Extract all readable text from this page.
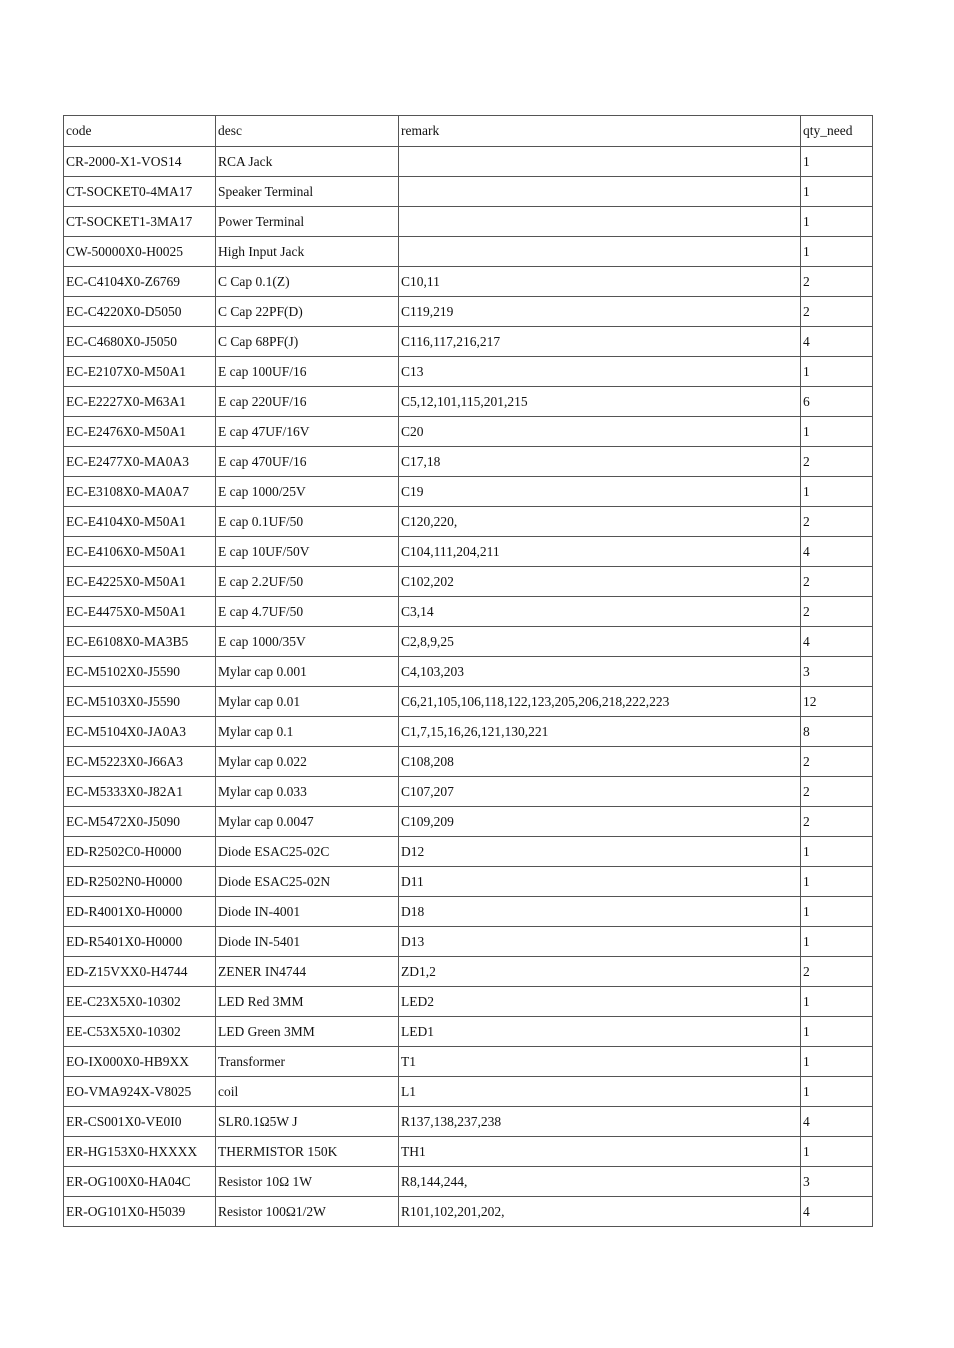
code	desc	remark	qty_need
CR-2000-X1-VOS14	RCA Jack		1
CT-SOCKET0-4MA17	Speaker Terminal		1
CT-SOCKET1-3MA17	Power Terminal		1
CW-50000X0-H0025	High Input Jack		1
EC-C4104X0-Z6769	C Cap 0.1(Z)	C10,11	2
EC-C4220X0-D5050	C Cap 22PF(D)	C119,219	2
EC-C4680X0-J5050	C Cap 68PF(J)	C116,117,216,217	4
EC-E2107X0-M50A1	E cap 100UF/16	C13	1
EC-E2227X0-M63A1	E cap 220UF/16	C5,12,101,115,201,215	6
EC-E2476X0-M50A1	E cap 47UF/16V	C20	1
EC-E2477X0-MA0A3	E cap 470UF/16	C17,18	2
EC-E3108X0-MA0A7	E cap 1000/25V	C19	1
EC-E4104X0-M50A1	E cap 0.1UF/50	C120,220,	2
EC-E4106X0-M50A1	E cap 10UF/50V	C104,111,204,211	4
EC-E4225X0-M50A1	E cap 2.2UF/50	C102,202	2
EC-E4475X0-M50A1	E cap 4.7UF/50	C3,14	2
EC-E6108X0-MA3B5	E cap 1000/35V	C2,8,9,25	4
EC-M5102X0-J5590	Mylar cap 0.001	C4,103,203	3
EC-M5103X0-J5590	Mylar cap 0.01	C6,21,105,106,118,122,123,205,206,218,222,223	12
EC-M5104X0-JA0A3	Mylar cap 0.1	C1,7,15,16,26,121,130,221	8
EC-M5223X0-J66A3	Mylar cap 0.022	C108,208	2
EC-M5333X0-J82A1	Mylar cap 0.033	C107,207	2
EC-M5472X0-J5090	Mylar cap 0.0047	C109,209	2
ED-R2502C0-H0000	Diode ESAC25-02C	D12	1
ED-R2502N0-H0000	Diode ESAC25-02N	D11	1
ED-R4001X0-H0000	Diode IN-4001	D18	1
ED-R5401X0-H0000	Diode IN-5401	D13	1
ED-Z15VXX0-H4744	ZENER IN4744	ZD1,2	2
EE-C23X5X0-10302	LED Red 3MM	LED2	1
EE-C53X5X0-10302	LED Green 3MM	LED1	1
EO-IX000X0-HB9XX	Transformer	T1	1
EO-VMA924X-V8025	coil	L1	1
ER-CS001X0-VE0I0	SLR0.1Ω5W J	R137,138,237,238	4
ER-HG153X0-HXXXX	THERMISTOR 150K	TH1	1
ER-OG100X0-HA04C	Resistor 10Ω 1W	R8,144,244,	3
ER-OG101X0-H5039	Resistor 100Ω1/2W	R101,102,201,202,	4
